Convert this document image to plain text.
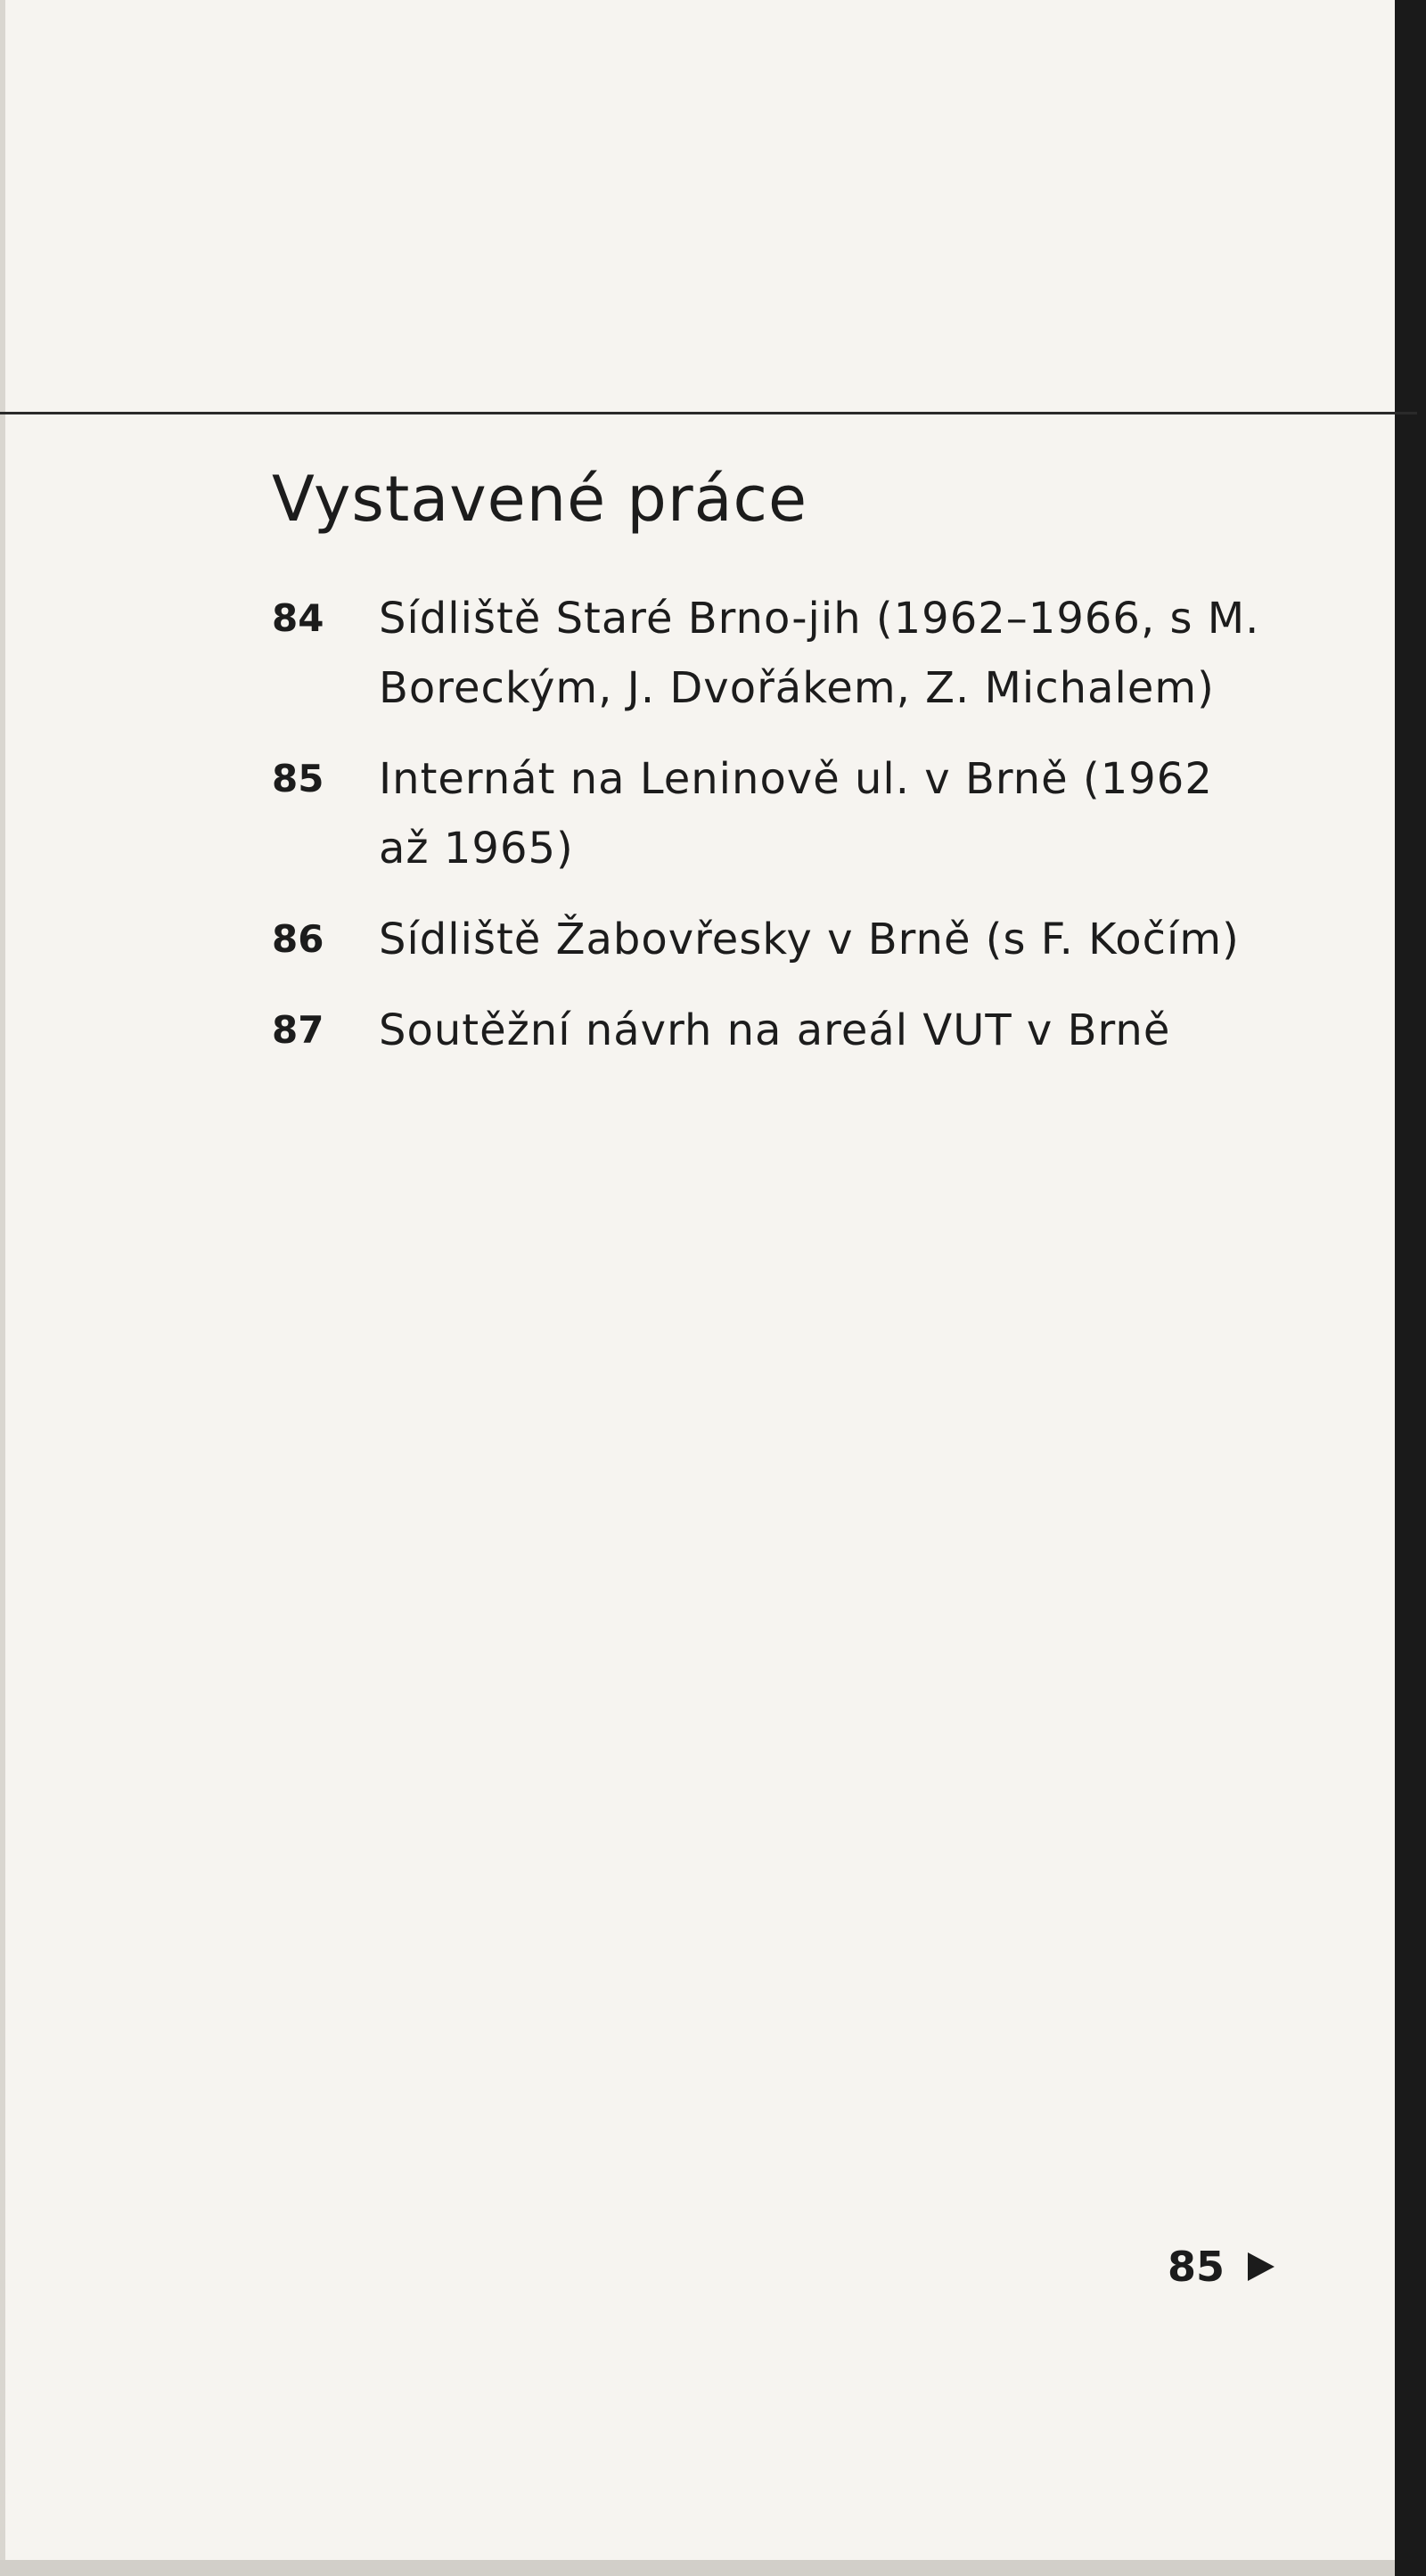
Vystavené práce
84	Sídliště Staré Brno-jih (1962–1966, s M.
Boreckým, J. Dvořákem, Z. Michalem)
85	Internát na Leninově ul. v Brně (1962
až 1965)
86	Sídliště Žabovřesky v Brně (s F. Kočím)
87	Soutěžní návrh na areál VUT v Brně
85
